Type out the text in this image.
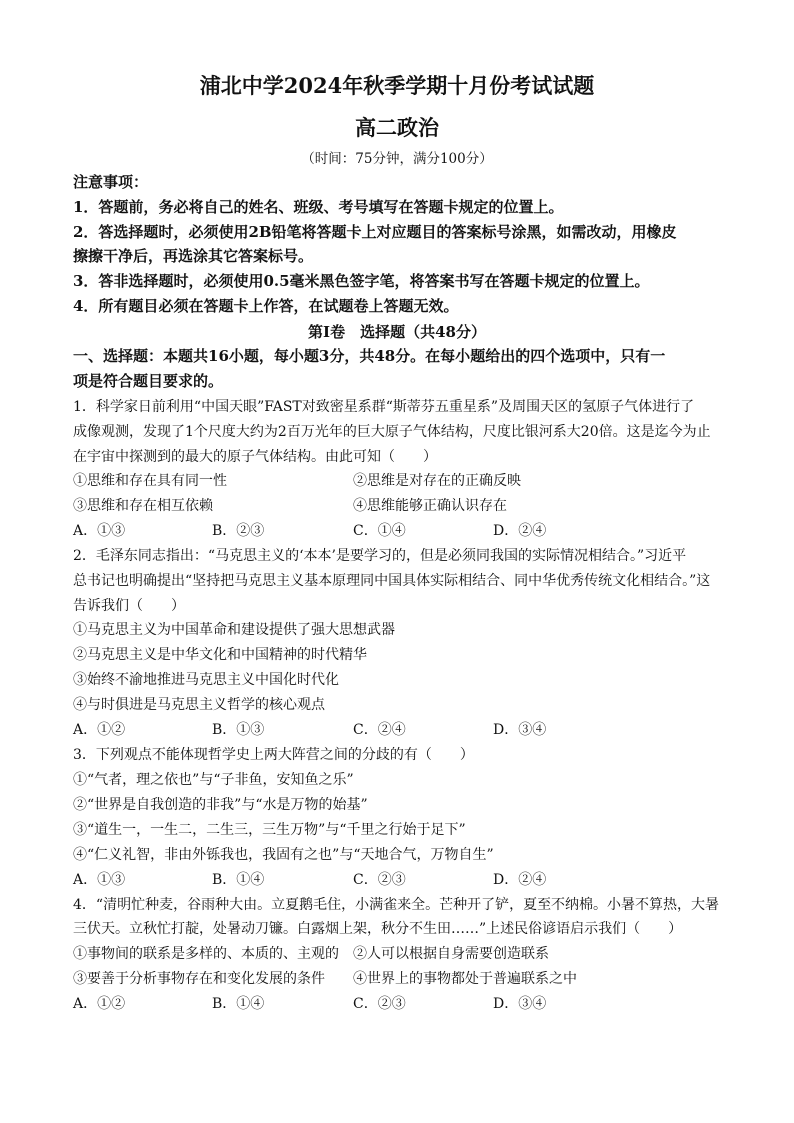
浦北中学2024年秋季学期十月份考试试题
高二政治
（时间：75分钟，满分100分）
注意事项：
1．答题前，务必将自己的姓名、班级、考号填写在答题卡规定的位置上。
2．答选择题时，必须使用2B铅笔将答题卡上对应题目的答案标号涂黑，如需改动，用橡皮
擦擦干净后，再选涂其它答案标号。
3．答非选择题时，必须使用0.5毫米黑色签字笔，将答案书写在答题卡规定的位置上。
4．所有题目必须在答题卡上作答，在试题卷上答题无效。
第Ⅰ卷　选择题（共48分）
一、选择题：本题共16小题，每小题3分，共48分。在每小题给出的四个选项中，只有一
项是符合题目要求的。
1．科学家日前利用“中国天眼”FAST对致密星系群“斯蒂芬五重星系”及周围天区的氢原子气体进行了
成像观测，发现了1个尺度大约为2百万光年的巨大原子气体结构，尺度比银河系大20倍。这是迄今为止
在宇宙中探测到的最大的原子气体结构。由此可知（　　）
①思维和存在具有同一性	②思维是对存在的正确反映
③思维和存在相互依赖	④思维能够正确认识存在
A．①③	B．②③	C．①④	D．②④
2．毛泽东同志指出：“马克思主义的‘本本’是要学习的，但是必须同我国的实际情况相结合。”习近平
总书记也明确提出“坚持把马克思主义基本原理同中国具体实际相结合、同中华优秀传统文化相结合。”这
告诉我们（　　）
①马克思主义为中国革命和建设提供了强大思想武器
②马克思主义是中华文化和中国精神的时代精华
③始终不渝地推进马克思主义中国化时代化
④与时俱进是马克思主义哲学的核心观点
A．①②	B．①③	C．②④	D．③④
3．下列观点不能体现哲学史上两大阵营之间的分歧的有（　　）
①“气者，理之依也”与“子非鱼，安知鱼之乐”
②“世界是自我创造的非我”与“水是万物的始基”
③“道生一，一生二，二生三，三生万物”与“千里之行始于足下”
④“仁义礼智，非由外铄我也，我固有之也”与“天地合气，万物自生”
A．①③	B．①④	C．②③	D．②④
4．“清明忙种麦，谷雨种大由。立夏鹅毛住，小满雀来全。芒种开了铲，夏至不纳棉。小暑不算热，大暑
三伏天。立秋忙打靛，处暑动刀镰。白露烟上架，秋分不生田……”上述民俗谚语启示我们（　　）
①事物间的联系是多样的、本质的、主观的 ②人可以根据自身需要创造联系
③要善于分析事物存在和变化发展的条件 ④世界上的事物都处于普遍联系之中
A．①②	B．①④	C．②③	D．③④
